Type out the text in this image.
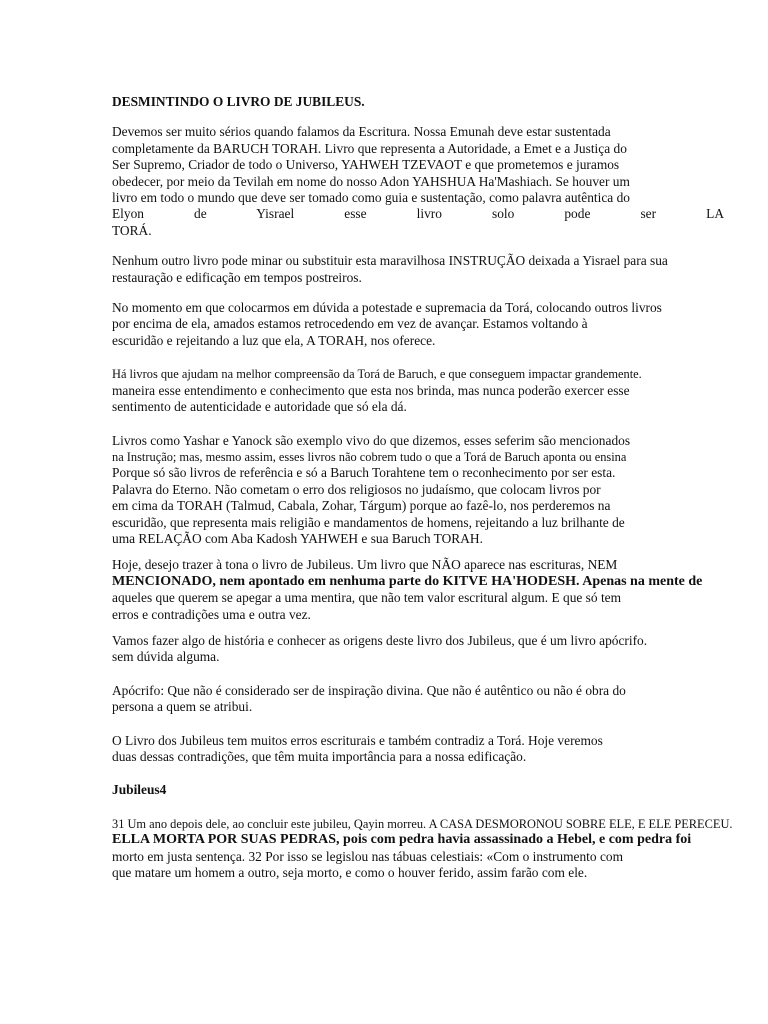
DESMINTINDO O LIVRO DE JUBILEUS.
Devemos ser muito sérios quando falamos da Escritura. Nossa Emunah deve estar sustentada
completamente da BARUCH TORAH. Livro que representa a Autoridade, a Emet e a Justiça do
Ser Supremo, Criador de todo o Universo, YAHWEH TZEVAOT e que prometemos e juramos
obedecer, por meio da Tevilah em nome do nosso Adon YAHSHUA Ha'Mashiach. Se houver um
livro em todo o mundo que deve ser tomado como guia e sustentação, como palavra autêntica do
Elyon de Yisrael esse livro solo pode ser LA
TORÁ.
Nenhum outro livro pode minar ou substituir esta maravilhosa INSTRUÇÃO deixada a Yisrael para sua
restauração e edificação em tempos postreiros.
No momento em que colocarmos em dúvida a potestade e supremacia da Torá, colocando outros livros
por encima de ela, amados estamos retrocedendo em vez de avançar. Estamos voltando à
escuridão e rejeitando a luz que ela, A TORAH, nos oferece.
Há livros que ajudam na melhor compreensão da Torá de Baruch, e que conseguem impactar grandemente.
maneira esse entendimento e conhecimento que esta nos brinda, mas nunca poderão exercer esse
sentimento de autenticidade e autoridade que só ela dá.
Livros como Yashar e Yanock são exemplo vivo do que dizemos, esses seferim são mencionados
na Instrução; mas, mesmo assim, esses livros não cobrem tudo o que a Torá de Baruch aponta ou ensina
Porque só são livros de referência e só a Baruch Torahtene tem o reconhecimento por ser esta.
Palavra do Eterno. Não cometam o erro dos religiosos no judaísmo, que colocam livros por
em cima da TORAH (Talmud, Cabala, Zohar, Tárgum) porque ao fazê-lo, nos perderemos na
escuridão, que representa mais religião e mandamentos de homens, rejeitando a luz brilhante de
uma RELAÇÃO com Aba Kadosh YAHWEH e sua Baruch TORAH.
Hoje, desejo trazer à tona o livro de Jubileus. Um livro que NÃO aparece nas escrituras, NEM
MENCIONADO, nem apontado em nenhuma parte do KITVE HA'HODESH. Apenas na mente de
aqueles que querem se apegar a uma mentira, que não tem valor escritural algum. E que só tem
erros e contradições uma e outra vez.
Vamos fazer algo de história e conhecer as origens deste livro dos Jubileus, que é um livro apócrifo.
sem dúvida alguma.
Apócrifo: Que não é considerado ser de inspiração divina. Que não é autêntico ou não é obra do
persona a quem se atribui.
O Livro dos Jubileus tem muitos erros escriturais e também contradiz a Torá. Hoje veremos
duas dessas contradições, que têm muita importância para a nossa edificação.
Jubileus4
31 Um ano depois dele, ao concluir este jubileu, Qayin morreu. A CASA DESMORONOU SOBRE ELE, E ELE PERECEU.
ELLA MORTA POR SUAS PEDRAS, pois com pedra havia assassinado a Hebel, e com pedra foi
morto em justa sentença. 32 Por isso se legislou nas tábuas celestiais: «Com o instrumento com
que matare um homem a outro, seja morto, e como o houver ferido, assim farão com ele.
